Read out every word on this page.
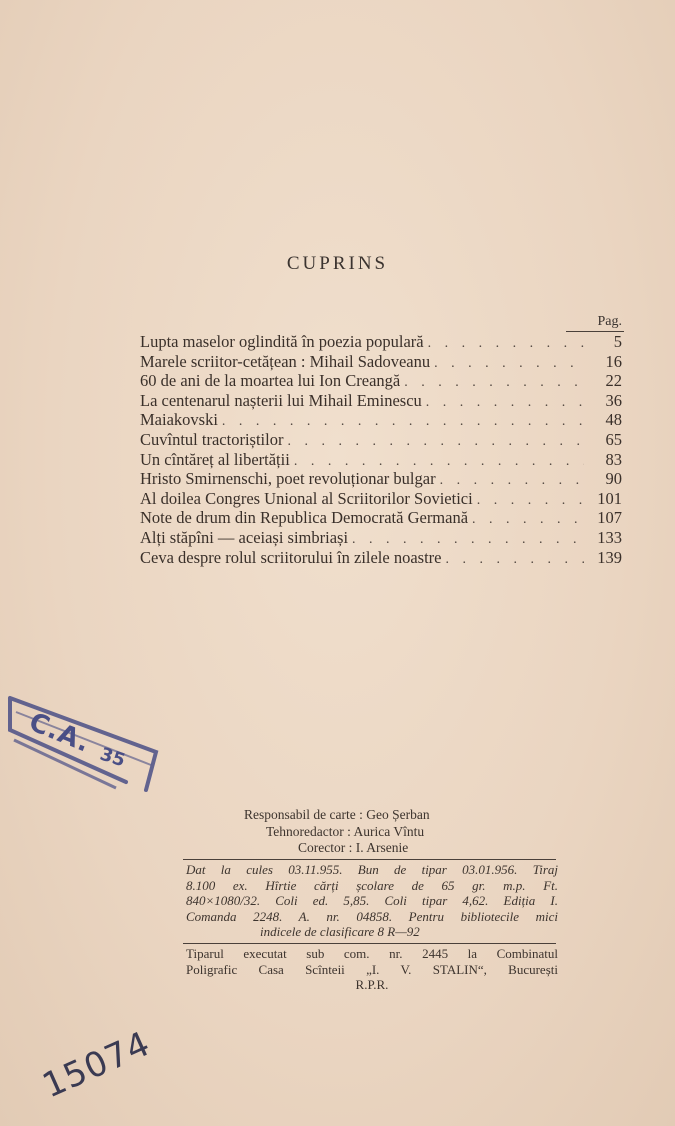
CUPRINS
Pag.
Lupta maselor oglindită în poezia populară . . .	5
Marele scriitor-cetățean : Mihail Sadoveanu . . .	16
60 de ani de la moartea lui Ion Creangă . . .	22
La centenarul nașterii lui Mihail Eminescu . . .	36
Maiakovski . . .	48
Cuvîntul tractoriștilor . . .	65
Un cîntăreț al libertății . . .	83
Hristo Smirnenschi, poet revoluționar bulgar . . .	90
Al doilea Congres Unional al Scriitorilor Sovietici . . .	101
Note de drum din Republica Democrată Germană . . .	107
Alți stăpîni — aceiași simbriași . . .	133
Ceva despre rolul scriitorului în zilele noastre . . .	139
C.A. 35
Responsabil de carte : Geo Șerban
Tehnoredactor : Aurica Vîntu
Corector : I. Arsenie
Dat la cules 03.11.955. Bun de tipar 03.01.956. Tiraj
8.100 ex. Hîrtie cărți școlare de 65 gr. m.p. Ft.
840×1080/32. Coli ed. 5,85. Coli tipar 4,62. Ediția I.
Comanda 2248. A. nr. 04858. Pentru bibliotecile mici
indicele de clasificare 8 R—92
Tiparul executat sub com. nr. 2445 la Combinatul
Poligrafic Casa Scînteii „I. V. STALIN“, București
R.P.R.
15074
